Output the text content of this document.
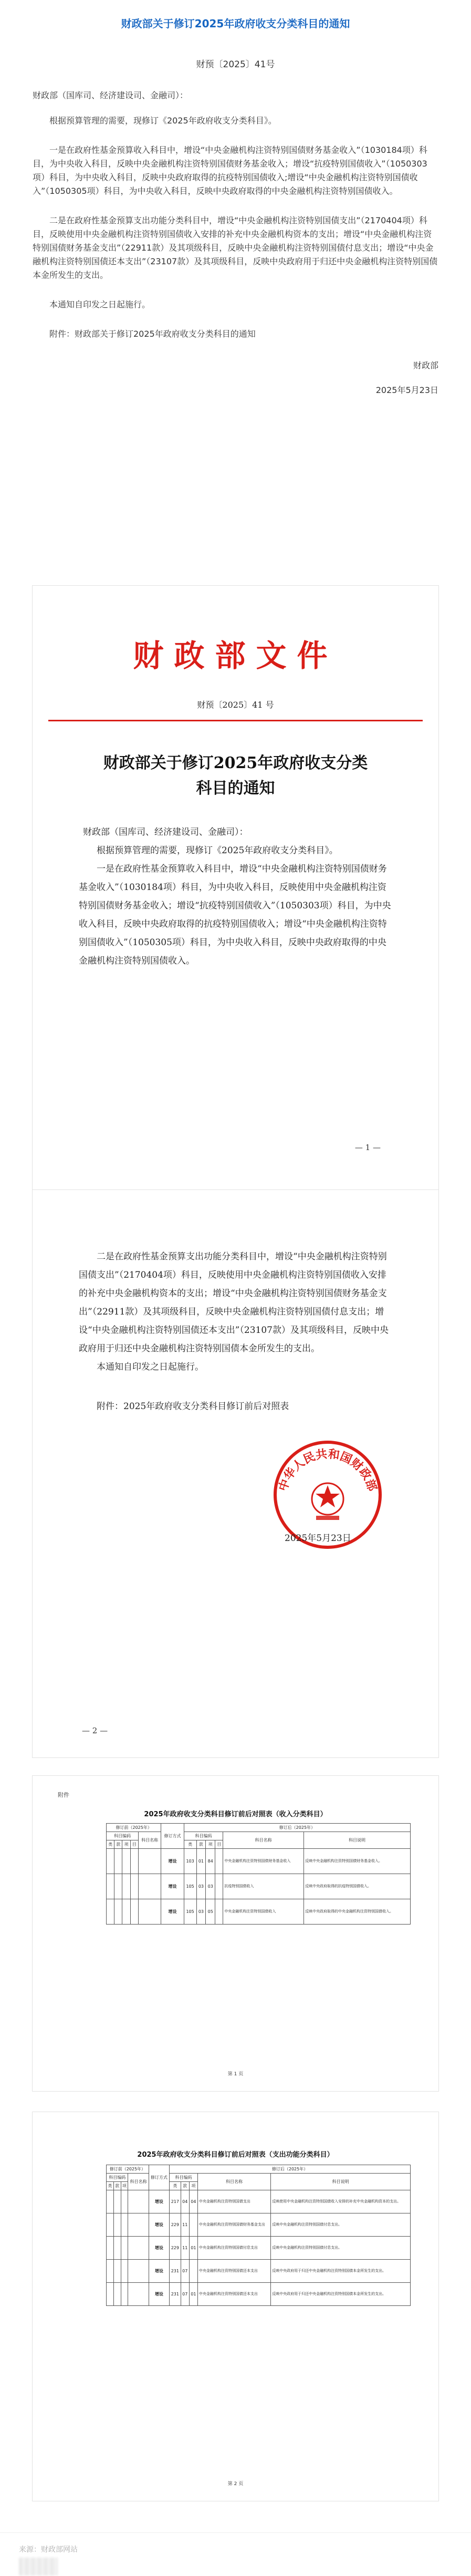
财政部关于修订2025年政府收支分类科目的通知
财预〔2025〕41号

财政部（国库司、经济建设司、金融司）：

根据预算管理的需要，现修订《2025年政府收支分类科目》。

一是在政府性基金预算收入科目中，增设“中央金融机构注资特别国债财务基金收入”（1030184项）科目，为中央收入科目，反映中央金融机构注资特别国债财务基金收入；增设“抗疫特别国债收入”（1050303项）科目，为中央收入科目，反映中央政府取得的抗疫特别国债收入;增设“中央金融机构注资特别国债收入”（1050305项）科目，为中央收入科目，反映中央政府取得的中央金融机构注资特别国债收入。

二是在政府性基金预算支出功能分类科目中，增设“中央金融机构注资特别国债支出”（2170404项）科目，反映使用中央金融机构注资特别国债收入安排的补充中央金融机构资本的支出；增设“中央金融机构注资特别国债财务基金支出”（22911款）及其项级科目，反映中央金融机构注资特别国债付息支出；增设“中央金融机构注资特别国债还本支出”（23107款）及其项级科目，反映中央政府用于归还中央金融机构注资特别国债本金所发生的支出。

本通知自印发之日起施行。

附件：财政部关于修订2025年政府收支分类科目的通知

财政部
2025年5月23日
财政部文件
财预〔2025〕41 号
财政部关于修订2025年政府收支分类
科目的通知

财政部（国库司、经济建设司、金融司）：

根据预算管理的需要，现修订《2025年政府收支分类科目》。

一是在政府性基金预算收入科目中，增设“中央金融机构注资特别国债财务基金收入”（1030184项）科目，为中央收入科目，反映使用中央金融机构注资特别国债财务基金收入；增设“抗疫特别国债收入”（1050303项）科目，为中央收入科目，反映中央政府取得的抗疫特别国债收入；增设“中央金融机构注资特别国债收入”（1050305项）科目，为中央收入科目，反映中央政府取得的中央金融机构注资特别国债收入。

— 1 —

二是在政府性基金预算支出功能分类科目中，增设“中央金融机构注资特别国债支出”（2170404项）科目，反映使用中央金融机构注资特别国债收入安排的补充中央金融机构资本的支出；增设“中央金融机构注资特别国债财务基金支出”（22911款）及其项级科目，反映中央金融机构注资特别国债付息支出；增设“中央金融机构注资特别国债还本支出”（23107款）及其项级科目，反映中央政府用于归还中央金融机构注资特别国债本金所发生的支出。

本通知自印发之日起施行。

附件：2025年政府收支分类科目修订前后对照表

中华人民共和国财政部
2025年5月23日
— 2 —
附件
2025年政府收支分类科目修订前后对照表（收入分类科目）
修订前（2025年）					修订方式	修订后（2025年）					
科目编码				科目名称		科目编码				科目名称	科目说明
类	款	项	目			类	款	项	目		
					增设	103	01	84		中央金融机构注资特别国债财务基金收入	反映中央金融机构注资特别国债财务基金收入。
					增设	105	03	03		抗疫特别国债收入	反映中央政府取得的抗疫特别国债收入。
					增设	105	03	05		中央金融机构注资特别国债收入	反映中央政府取得的中央金融机构注资特别国债收入。
第 1 页
2025年政府收支分类科目修订前后对照表（支出功能分类科目）
修订前（2025年）				修订方式	修订后（2025年）				
科目编码			科目名称		科目编码			科目名称	科目说明
类	款	项			类	款	项		
				增设	217	04	04	中央金融机构注资特别国债支出	反映使用中央金融机构注资特别国债收入安排的补充中央金融机构资本的支出。
				增设	229	11		中央金融机构注资特别国债财务基金支出	反映中央金融机构注资特别国债付息支出。
				增设	229	11	01	中央金融机构注资特别国债付息支出	反映中央金融机构注资特别国债付息支出。
				增设	231	07		中央金融机构注资特别国债还本支出	反映中央政府用于归还中央金融机构注资特别国债本金所发生的支出。
				增设	231	07	01	中央金融机构注资特别国债还本支出	反映中央政府用于归还中央金融机构注资特别国债本金所发生的支出。
第 2 页
来源：财政部网站
